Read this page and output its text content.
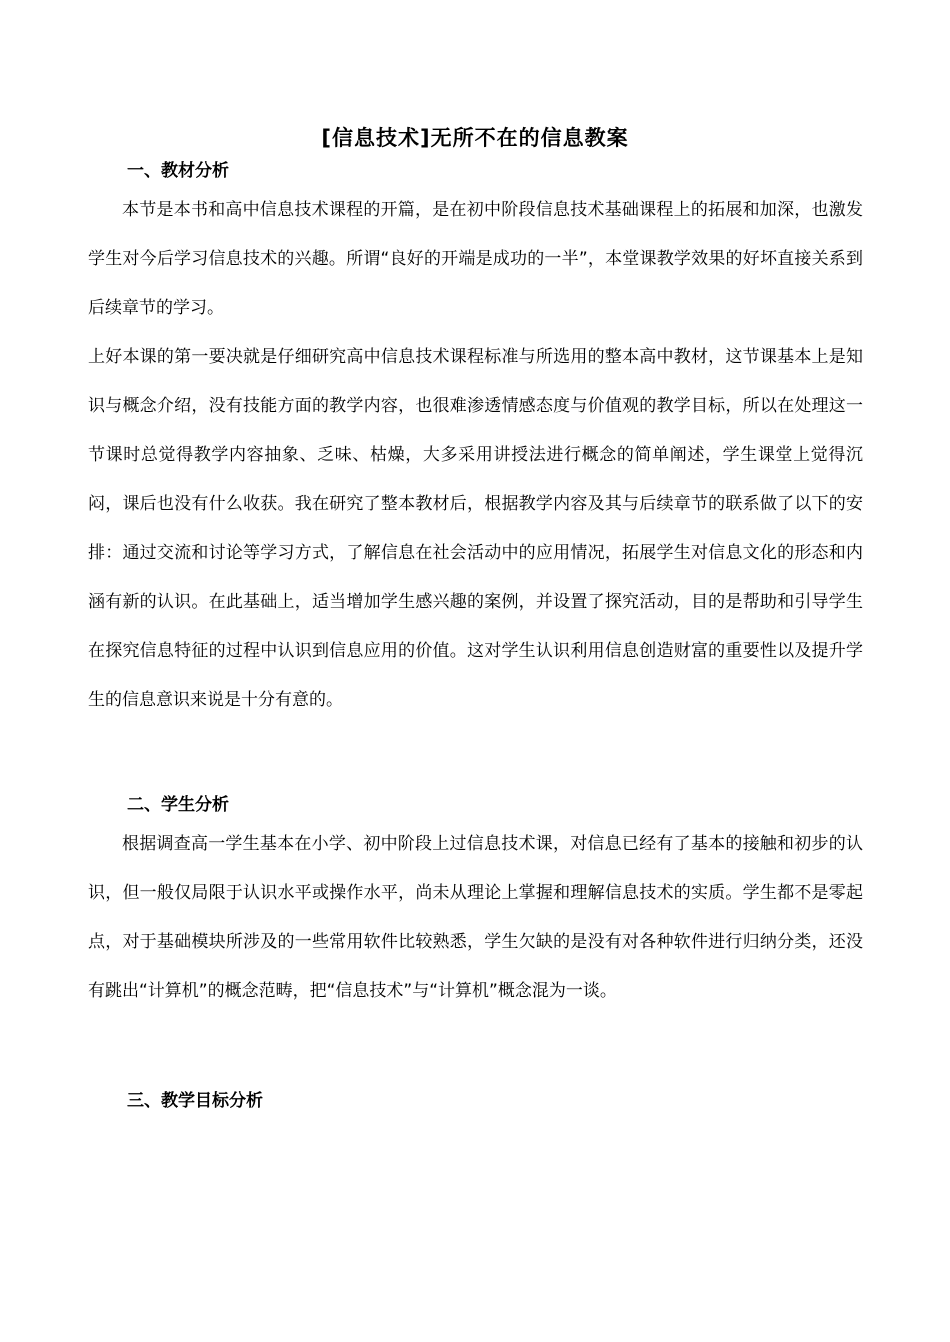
[信息技术]无所不在的信息教案
一、教材分析

本节是本书和高中信息技术课程的开篇，是在初中阶段信息技术基础课程上的拓展和加深，也激发学生对今后学习信息技术的兴趣。所谓“良好的开端是成功的一半”，本堂课教学效果的好坏直接关系到后续章节的学习。

上好本课的第一要决就是仔细研究高中信息技术课程标准与所选用的整本高中教材，这节课基本上是知识与概念介绍，没有技能方面的教学内容，也很难渗透情感态度与价值观的教学目标，所以在处理这一节课时总觉得教学内容抽象、乏味、枯燥，大多采用讲授法进行概念的简单阐述，学生课堂上觉得沉闷，课后也没有什么收获。我在研究了整本教材后，根据教学内容及其与后续章节的联系做了以下的安排：通过交流和讨论等学习方式，了解信息在社会活动中的应用情况，拓展学生对信息文化的形态和内涵有新的认识。在此基础上，适当增加学生感兴趣的案例，并设置了探究活动，目的是帮助和引导学生在探究信息特征的过程中认识到信息应用的价值。这对学生认识利用信息创造财富的重要性以及提升学生的信息意识来说是十分有意的。

二、学生分析

根据调查高一学生基本在小学、初中阶段上过信息技术课，对信息已经有了基本的接触和初步的认识，但一般仅局限于认识水平或操作水平，尚未从理论上掌握和理解信息技术的实质。学生都不是零起点，对于基础模块所涉及的一些常用软件比较熟悉，学生欠缺的是没有对各种软件进行归纳分类，还没有跳出“计算机”的概念范畴，把“信息技术”与“计算机”概念混为一谈。

三、教学目标分析
